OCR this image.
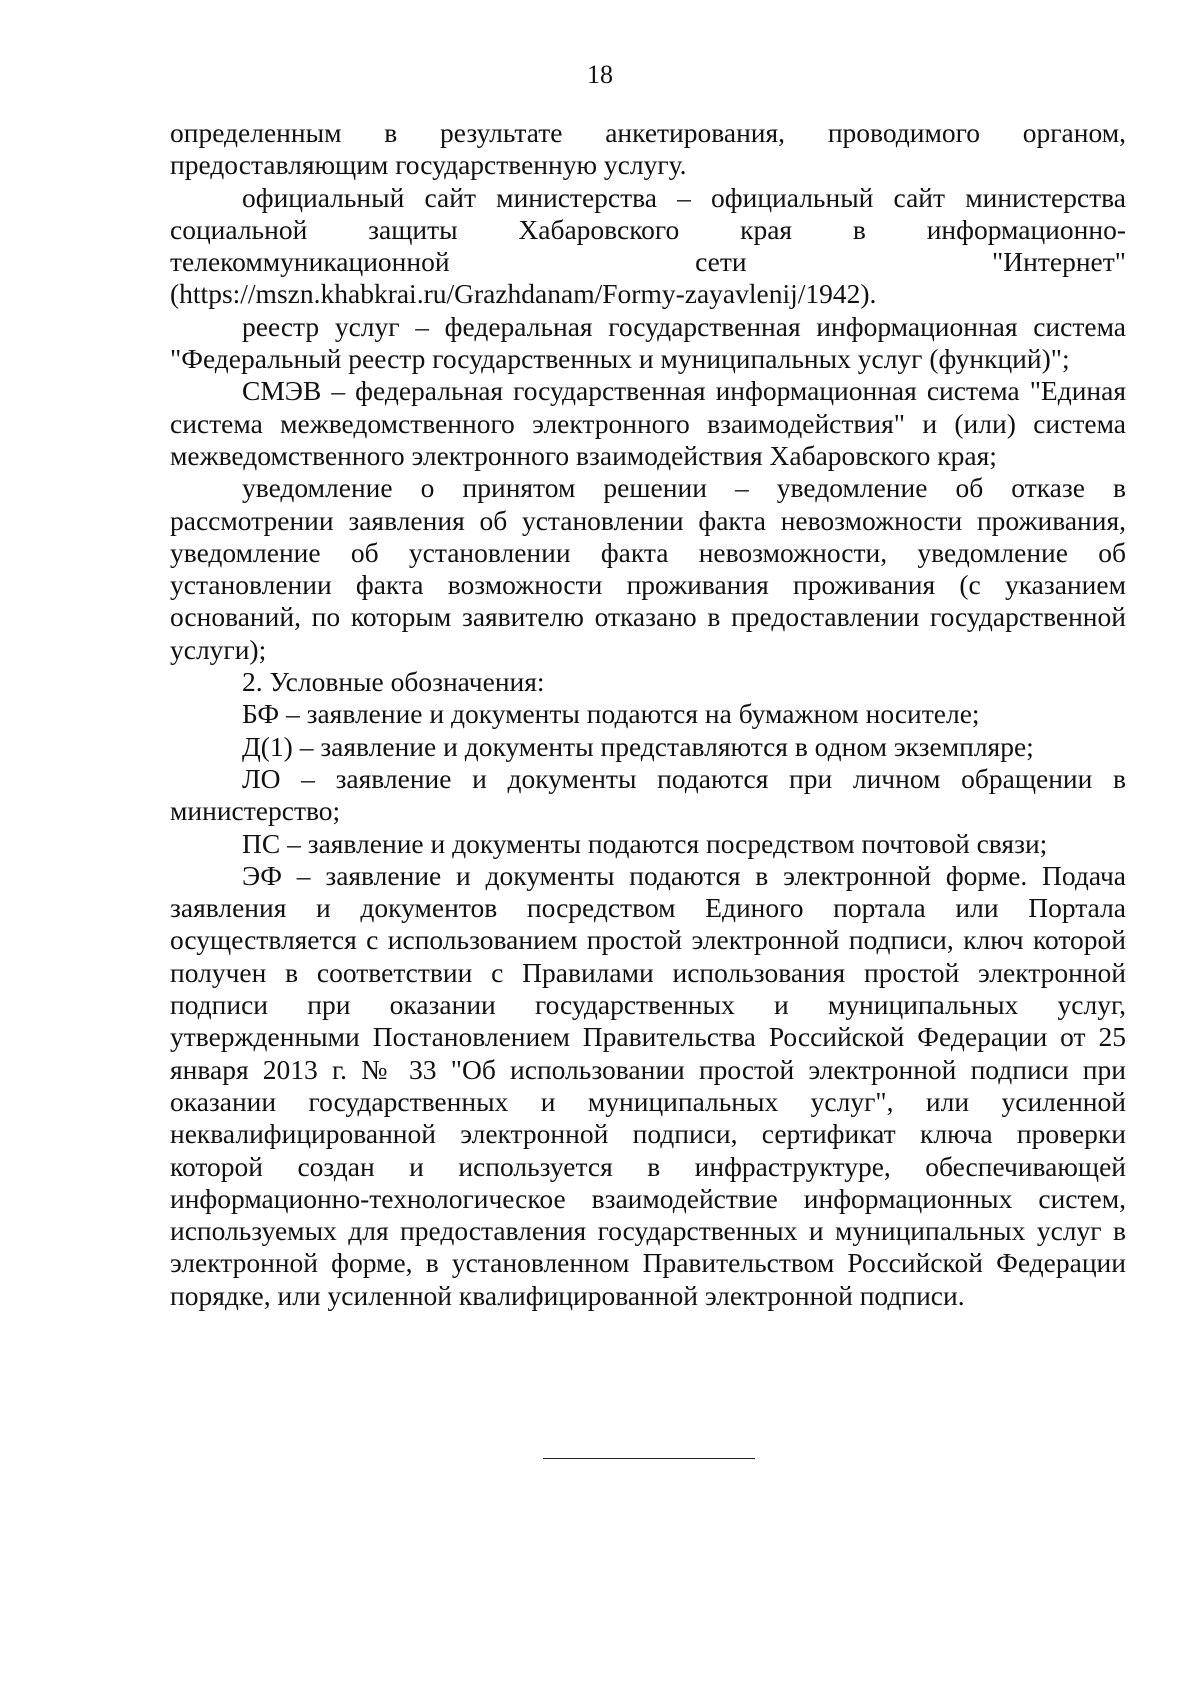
18

определенным в результате анкетирования, проводимого органом, предоставляющим государственную услугу.

официальный сайт министерства – официальный сайт министерства социальной защиты Хабаровского края в информационно-телекоммуникационной сети "Интернет" (https://mszn.khabkrai.ru/Grazhdanam/Formy-zayavlenij/1942).

реестр услуг – федеральная государственная информационная система "Федеральный реестр государственных и муниципальных услуг (функций)";

СМЭВ – федеральная государственная информационная система "Единая система межведомственного электронного взаимодействия" и (или) система межведомственного электронного взаимодействия Хабаровского края;

уведомление о принятом решении – уведомление об отказе в рассмотрении заявления об установлении факта невозможности проживания, уведомление об установлении факта невозможности, уведомление об установлении факта возможности проживания проживания (с указанием оснований, по которым заявителю отказано в предоставлении государственной услуги);

2. Условные обозначения:

БФ – заявление и документы подаются на бумажном носителе;

Д(1) – заявление и документы представляются в одном экземпляре;

ЛО – заявление и документы подаются при личном обращении в министерство;

ПС – заявление и документы подаются посредством почтовой связи;

ЭФ – заявление и документы подаются в электронной форме. Подача заявления и документов посредством Единого портала или Портала осуществляется с использованием простой электронной подписи, ключ которой получен в соответствии с Правилами использования простой электронной подписи при оказании государственных и муниципальных услуг, утвержденными Постановлением Правительства Российской Федерации от 25 января 2013 г. № 33 "Об использовании простой электронной подписи при оказании государственных и муниципальных услуг", или усиленной неквалифицированной электронной подписи, сертификат ключа проверки которой создан и используется в инфраструктуре, обеспечивающей информационно-технологическое взаимодействие информационных систем, используемых для предоставления государственных и муниципальных услуг в электронной форме, в установленном Правительством Российской Федерации порядке, или усиленной квалифицированной электронной подписи.
